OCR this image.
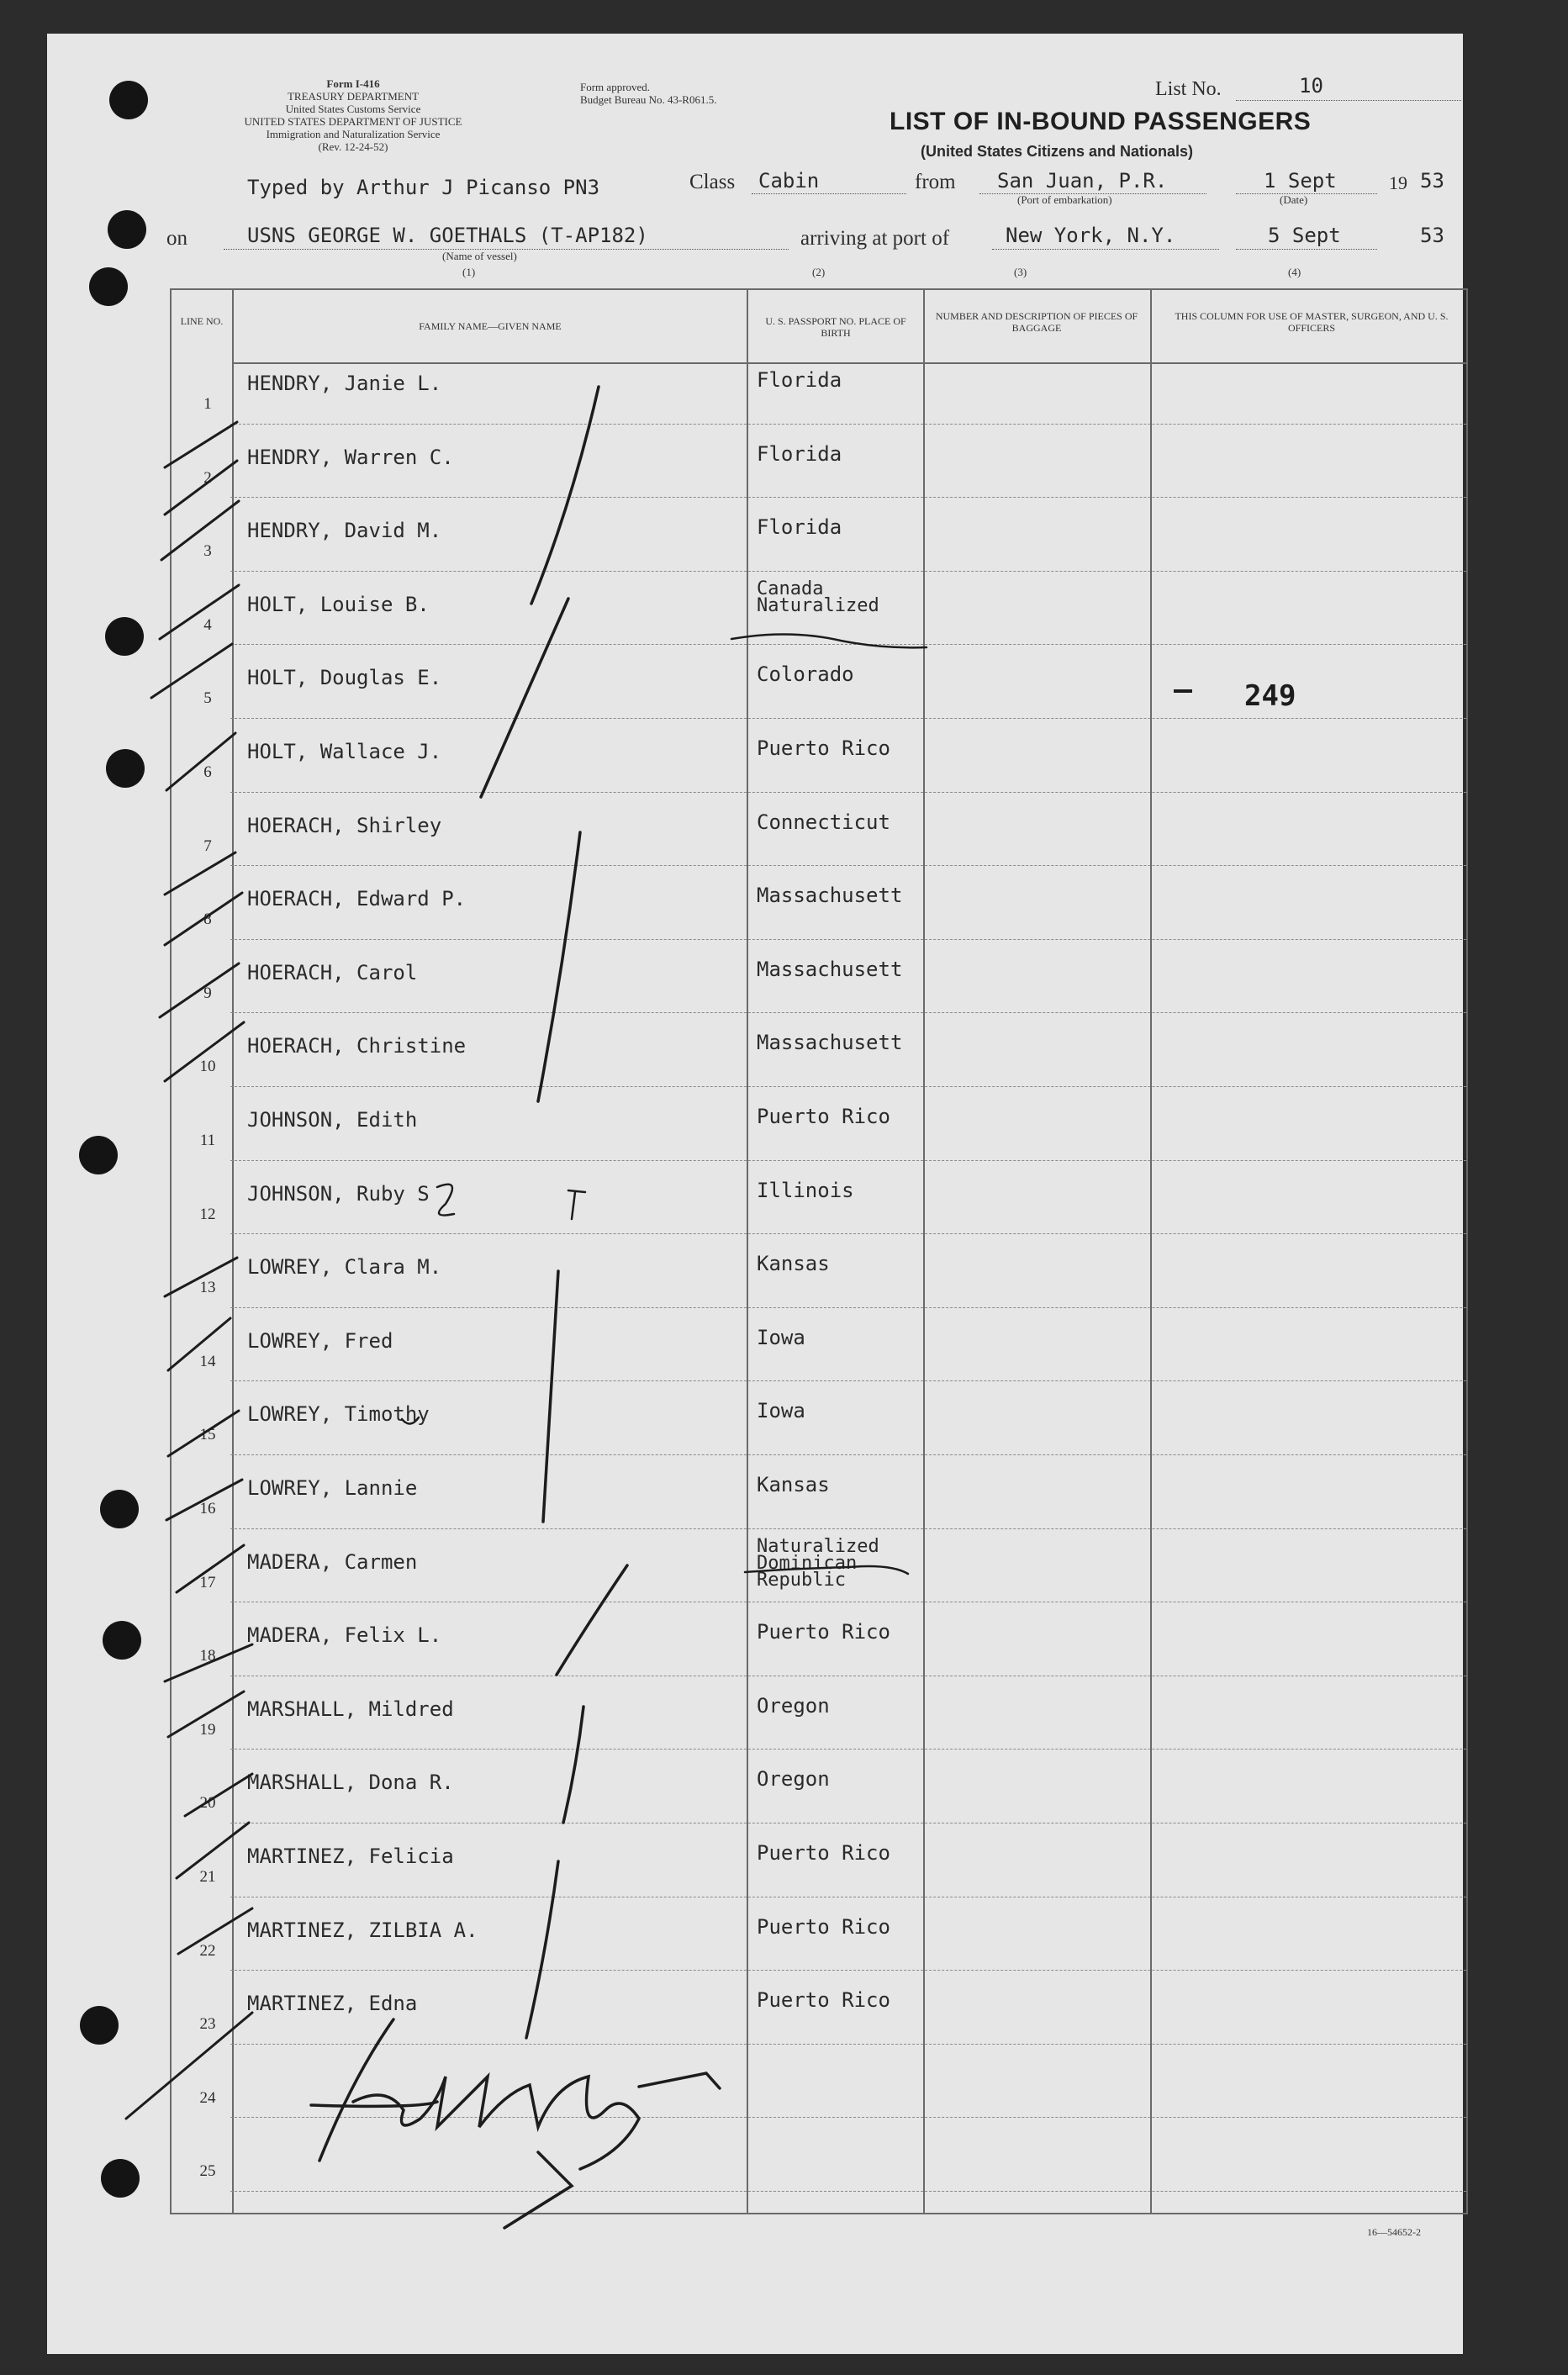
Form I-416
TREASURY DEPARTMENT
United States Customs Service
UNITED STATES DEPARTMENT OF JUSTICE
Immigration and Naturalization Service
(Rev. 12-24-52)
Form approved.
Budget Bureau No. 43-R061.5.	List No.	10
LIST OF IN-BOUND PASSENGERS
(United States Citizens and Nationals)
Typed by Arthur J Picanso PN3	Class Cabin	from San Juan, P.R.
(Port of embarkation)
1 Sept
(Date)
19 53
on	USNS GEORGE W. GOETHALS (T-AP182)
(Name of vessel)
arriving at port of	New York, N.Y.	5 Sept	53
(1)	(2)	(3)	(4)
LINE NO.	FAMILY NAME—GIVEN NAME	U. S. PASSPORT NO. PLACE OF BIRTH
NUMBER AND DESCRIPTION OF PIECES OF BAGGAGE
THIS COLUMN FOR USE OF MASTER, SURGEON, AND U. S. OFFICERS
1
HENDRY, Janie L.	Florida
2
HENDRY, Warren C.	Florida
3
HENDRY, David M.	Florida
4
HOLT, Louise B.
Canada Naturalized
5
HOLT, Douglas E.	Colorado
6
HOLT, Wallace J.	Puerto Rico
7
HOERACH, Shirley	Connecticut
8
HOERACH, Edward P.	Massachusett
9
HOERACH, Carol	Massachusett
10
HOERACH, Christine	Massachusett
11
JOHNSON, Edith	Puerto Rico
12
JOHNSON, Ruby S	Illinois
13
LOWREY, Clara M.	Kansas
14
LOWREY, Fred	Iowa
15
LOWREY, Timothy	Iowa
16
LOWREY, Lannie	Kansas
17
MADERA, Carmen
Naturalized Dominican Republic
18
MADERA, Felix L.	Puerto Rico
19
MARSHALL, Mildred	Oregon
20
MARSHALL, Dona R.	Oregon
21
MARTINEZ, Felicia	Puerto Rico
22
MARTINEZ, ZILBIA A.	Puerto Rico
23
MARTINEZ, Edna	Puerto Rico
24
25
249
16—54652-2
